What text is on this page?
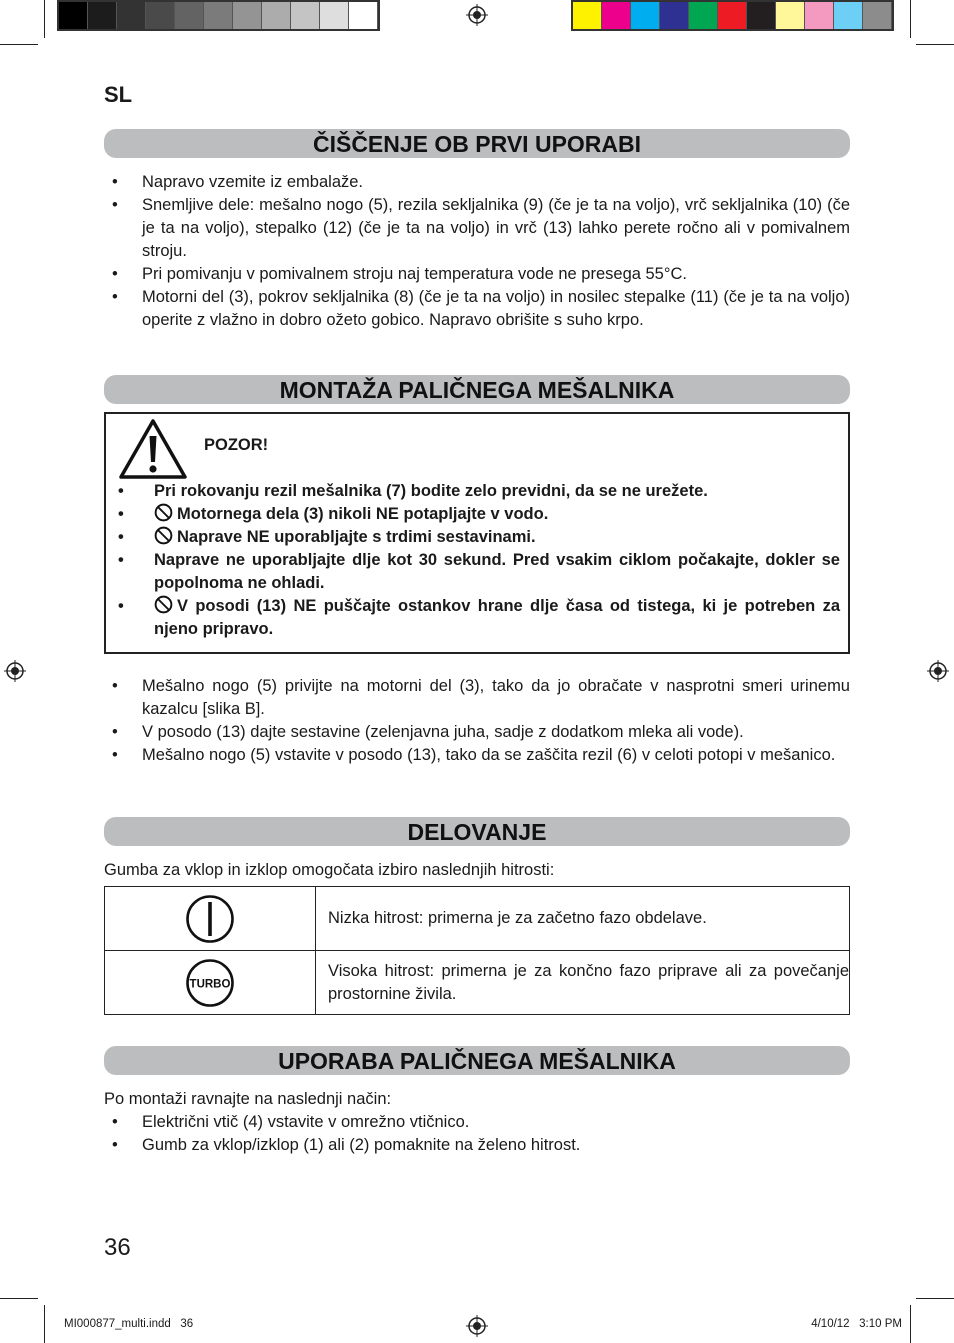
SL
ČIŠČENJE OB PRVI UPORABI
• Napravo vzemite iz embalaže.
• Snemljive dele: mešalno nogo (5), rezila sekljalnika (9) (če je ta na voljo), vrč sekljalnika (10) (če je ta na voljo), stepalko (12) (če je ta na voljo) in vrč (13) lahko perete ročno ali v pomivalnem stroju.
• Pri pomivanju v pomivalnem stroju naj temperatura vode ne presega 55°C.
• Motorni del (3), pokrov sekljalnika (8) (če je ta na voljo) in nosilec stepalke (11) (če je ta na voljo) operite z vlažno in dobro ožeto gobico. Napravo obrišite s suho krpo.
MONTAŽA PALIČNEGA MEŠALNIKA
POZOR!
• Pri rokovanju rezil mešalnika (7) bodite zelo previdni, da se ne urežete.
• Motornega dela (3) nikoli NE potapljajte v vodo.
• Naprave NE uporabljajte s trdimi sestavinami.
• Naprave ne uporabljajte dlje kot 30 sekund. Pred vsakim ciklom počakajte, dokler se popolnoma ne ohladi.
• V posodi (13) NE puščajte ostankov hrane dlje časa od tistega, ki je potreben za njeno pripravo.
• Mešalno nogo (5) privijte na motorni del (3), tako da jo obračate v nasprotni smeri urinemu kazalcu [slika B].
• V posodo (13) dajte sestavine (zelenjavna juha, sadje z dodatkom mleka ali vode).
• Mešalno nogo (5) vstavite v posodo (13), tako da se zaščita rezil (6) v celoti potopi v mešanico.
DELOVANJE
Gumba za vklop in izklop omogočata izbiro naslednjih hitrosti:
	Nizka hitrost: primerna je za začetno fazo obdelave.

TURBO	Visoka hitrost: primerna je za končno fazo priprave ali za povečanje prostornine živila.
UPORABA PALIČNEGA MEŠALNIKA
Po montaži ravnajte na naslednji način:
• Električni vtič (4) vstavite v omrežno vtičnico.
• Gumb za vklop/izklop (1) ali (2) pomaknite na želeno hitrost.
36
MI000877_multi.indd   36	4/10/12   3:10 PM
